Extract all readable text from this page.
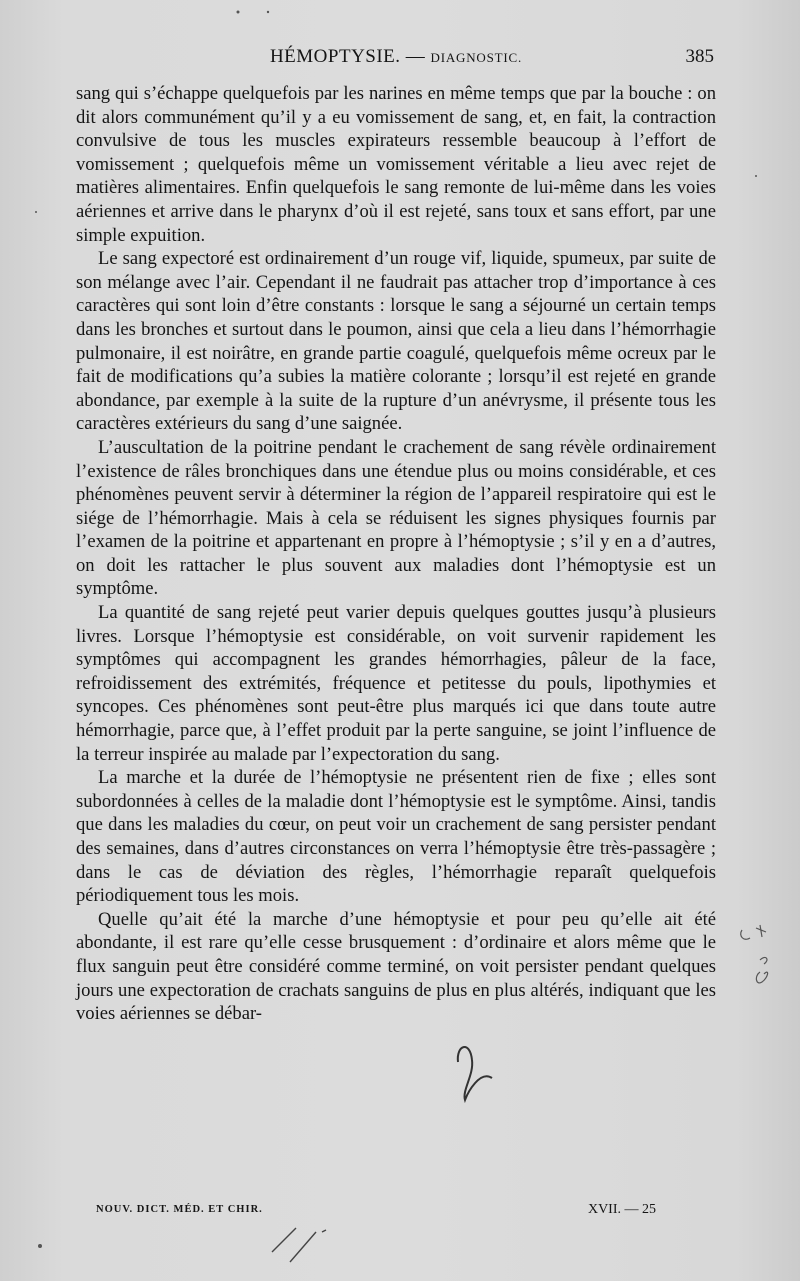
HÉMOPTYSIE. — DIAGNOSTIC.	385

sang qui s’échappe quelquefois par les narines en même temps que par la bouche : on dit alors communément qu’il y a eu vomissement de sang, et, en fait, la contraction convulsive de tous les muscles expirateurs ressemble beaucoup à l’effort de vomissement ; quelquefois même un vomissement véritable a lieu avec rejet de matières alimentaires. Enfin quelquefois le sang remonte de lui-même dans les voies aériennes et arrive dans le pharynx d’où il est rejeté, sans toux et sans effort, par une simple expuition.

Le sang expectoré est ordinairement d’un rouge vif, liquide, spumeux, par suite de son mélange avec l’air. Cependant il ne faudrait pas attacher trop d’importance à ces caractères qui sont loin d’être constants : lorsque le sang a séjourné un certain temps dans les bronches et surtout dans le poumon, ainsi que cela a lieu dans l’hémorrhagie pulmonaire, il est noirâtre, en grande partie coagulé, quelquefois même ocreux par le fait de modifications qu’a subies la matière colorante ; lorsqu’il est rejeté en grande abondance, par exemple à la suite de la rupture d’un anévrysme, il présente tous les caractères extérieurs du sang d’une saignée.

L’auscultation de la poitrine pendant le crachement de sang révèle ordinairement l’existence de râles bronchiques dans une étendue plus ou moins considérable, et ces phénomènes peuvent servir à déterminer la région de l’appareil respiratoire qui est le siége de l’hémorrhagie. Mais à cela se réduisent les signes physiques fournis par l’examen de la poitrine et appartenant en propre à l’hémoptysie ; s’il y en a d’autres, on doit les rattacher le plus souvent aux maladies dont l’hémoptysie est un symptôme.

La quantité de sang rejeté peut varier depuis quelques gouttes jusqu’à plusieurs livres. Lorsque l’hémoptysie est considérable, on voit survenir rapidement les symptômes qui accompagnent les grandes hémorrhagies, pâleur de la face, refroidissement des extrémités, fréquence et petitesse du pouls, lipothymies et syncopes. Ces phénomènes sont peut-être plus marqués ici que dans toute autre hémorrhagie, parce que, à l’effet produit par la perte sanguine, se joint l’influence de la terreur inspirée au malade par l’expectoration du sang.

La marche et la durée de l’hémoptysie ne présentent rien de fixe ; elles sont subordonnées à celles de la maladie dont l’hémoptysie est le symptôme. Ainsi, tandis que dans les maladies du cœur, on peut voir un crachement de sang persister pendant des semaines, dans d’autres circonstances on verra l’hémoptysie être très-passagère ; dans le cas de déviation des règles, l’hémorrhagie reparaît quelquefois périodiquement tous les mois.

Quelle qu’ait été la marche d’une hémoptysie et pour peu qu’elle ait été abondante, il est rare qu’elle cesse brusquement : d’ordinaire et alors même que le flux sanguin peut être considéré comme terminé, on voit persister pendant quelques jours une expectoration de crachats sanguins de plus en plus altérés, indiquant que les voies aériennes se débar-

NOUV. DICT. MÉD. ET CHIR.	XVII. — 25
